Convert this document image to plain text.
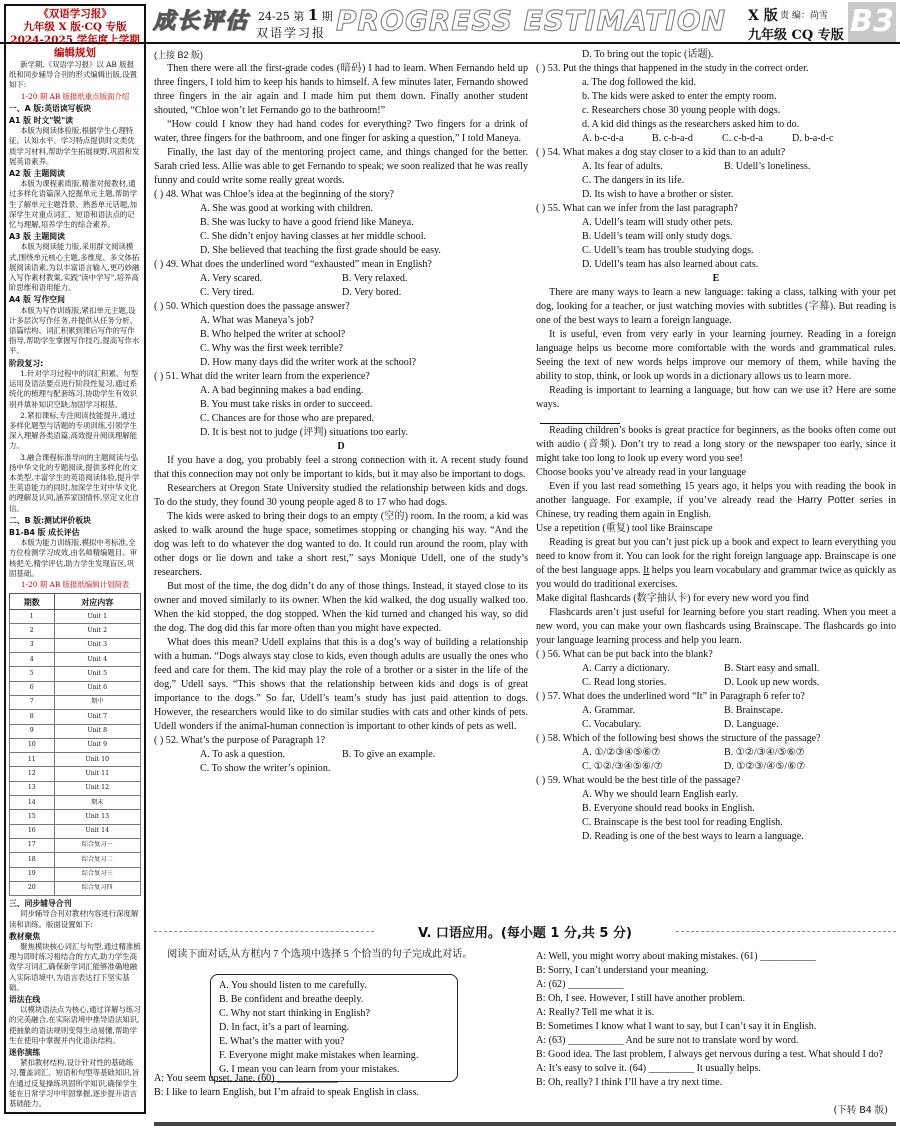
成长评估 24-25 第 1 期
双语学习报 PROGRESS ESTIMATION X 版 责 编：尚雪
九年级 CQ 专版 B3
《双语学习报》
九年级 X 版·CQ 专版
2024-2025 学年度上学期
编辑规划

新学期,《双语学习报》以 AB 版报纸和同步辅导合刊的形式编辑出版,设置如下:

1-20 期 AB 版报纸重点版面介绍
一、A 版:英语读写板块
A1 版 时文"锐"读

本版为阅读体验版,根据学生心理特征、认知水平、学习特点提供时文类优质学习材料,帮助学生拓展视野,巩固和发展英语素养。

A2 版 主题阅读

本版为课程素质版,精准对接教材,通过多样化语篇深入挖掘单元主题,帮助学生了解单元主题背景、熟悉单元话题,加深学生对重点词汇、短语和语法点的记忆与理解,培养学生的综合素养。

A3 版 主题阅读

本版为阅读能力版,采用群文阅读模式,围绕单元核心主题,多维度、多文体拓展阅读语素,为以丰富语言输入,更巧妙融入写作素材教案,实践"读中学写",培养高阶思维和语用能力。

A4 版 写作空间

本版为写作训练版,紧扣单元主题,设计多层次写作任务,并提供从任务分析、语篇结构、词汇积累到课后写作的写作指导,帮助学生掌握写作技巧,提高写作水平。

阶段复习:

1.针对学习过程中的词汇积累、句型运用及语法要点进行阶段性复习,通过系统化的梳理与配套练习,协助学生有效识别并填补知识空缺,加固学习根基。

2.紧扣课标,专注阅读技能提升,通过多样化题型与话题的专项训练,引领学生深入理解各类语篇,高效提升阅读理解能力。

3.融合课程标准导向的主题阅读与弘扬中华文化的专题阅读,提供多样化的文本类型,丰富学生的英语阅读体验,提升学生英语能力的同时,加深学生对中华文化的理解及认同,涵养家国情怀,坚定文化自信。

二、B 版:测试评价板块
B1-B4 版 成长评估

本版为能力训练版,模拟中考标准,全方位检测学习成效,由名师精编题目、审核把关,精学评估,助力学生发现盲区,巩固基础。

1-20 期 AB 版报纸编辑计划简表
期数	对应内容
1	Unit 1
2	Unit 2
3	Unit 3
4	Unit 4
5	Unit 5
6	Unit 6
7	期中
8	Unit 7
9	Unit 8
10	Unit 9
11	Unit 10
12	Unit 11
13	Unit 12
14	期末
15	Unit 13
16	Unit 14
17	综合复习一
18	综合复习二
19	综合复习三
20	综合复习四
三、同步辅导合刊

同步辅导合刊对教材内容进行深度解读和训练。版面设置如下:

教材聚焦

聚焦模块核心词汇与句型,通过精准梳理与即时练习相结合的方式,助力学生高效学习词汇,确保新学词汇能够准确地融入实际语境中,为语言表达打下坚实基础。

语法在线

以模块语法点为核心,通过详解与练习的完美融合,在实际语境中推导语法知识,使抽象的语法规则变得生动易懂,帮助学生在使用中掌握并内化语法结构。

迷你演练

紧扣教材结构,设计针对性的基础练习,覆盖词汇、短语和句型等基础知识,旨在通过反复操练巩固所学知识,确保学生能在日常学习中牢固掌握,逐步提升语言基础能力。

(上接 B2 版)

Then there were all the first-grade codes (暗码) I had to learn. When Fernando held up three fingers, I told him to keep his hands to himself. A few minutes later, Fernando showed three fingers in the air again and I made him put them down. Finally another student shouted, “Chloe won’t let Fernando go to the bathroom!”

“How could I know they had hand codes for everything? Two fingers for a drink of water, three fingers for the bathroom, and one finger for asking a question,” I told Maneya.

Finally, the last day of the mentoring project came, and things changed for the better. Sarah cried less. Allie was able to get Fernando to speak; we soon realized that he was really funny and could write some really great words.

( ) 48. What was Chloe’s idea at the beginning of the story?

A. She was good at working with children.
B. She was lucky to have a good friend like Maneya.
C. She didn’t enjoy having classes at her middle school.
D. She believed that teaching the first grade should be easy.

( ) 49. What does the underlined word “exhausted” mean in English?

A. Very scared.	B. Very relaxed.
C. Very tired.	D. Very bored.

( ) 50. Which question does the passage answer?

A. What was Maneya’s job?
B. Who helped the writer at school?
C. Why was the first week terrible?
D. How many days did the writer work at the school?

( ) 51. What did the writer learn from the experience?

A. A bad beginning makes a bad ending.
B. You must take risks in order to succeed.
C. Chances are for those who are prepared.
D. It is best not to judge (评判) situations too early.
D

If you have a dog, you probably feel a strong connection with it. A recent study found that this connection may not only be important to kids, but it may also be important to dogs.

Researchers at Oregon State University studied the relationship between kids and dogs. To do the study, they found 30 young people aged 8 to 17 who had dogs.

The kids were asked to bring their dogs to an empty (空的) room. In the room, a kid was asked to walk around the huge space, sometimes stopping or changing his way. “And the dog was left to do whatever the dog wanted to do. It could run around the room, play with other dogs or lie down and take a short rest,” says Monique Udell, one of the study’s researchers.

But most of the time, the dog didn’t do any of those things. Instead, it stayed close to its owner and moved similarly to its owner. When the kid walked, the dog usually walked too. When the kid stopped, the dog stopped. When the kid turned and changed his way, so did the dog. The dog did this far more often than you might have expected.

What does this mean? Udell explains that this is a dog’s way of building a relationship with a human. “Dogs always stay close to kids, even though adults are usually the ones who feed and care for them. The kid may play the role of a brother or a sister in the life of the dog,” Udell says. “This shows that the relationship between kids and dogs is of great importance to the dogs.” So far, Udell’s team’s study has just paid attention to dogs. However, the researchers would like to do similar studies with cats and other kinds of pets. Udell wonders if the animal-human connection is important to other kinds of pets as well.

( ) 52. What’s the purpose of Paragraph 1?

A. To ask a question.	B. To give an example.
C. To show the writer’s opinion.
D. To bring out the topic (话题).

( ) 53. Put the things that happened in the study in the correct order.

a. The dog followed the kid.
b. The kids were asked to enter the empty room.
c. Researchers chose 30 young people with dogs.
d. A kid did things as the researchers asked him to do.
A. b-c-d-a	B. c-b-a-d	C. c-b-d-a	D. b-a-d-c

( ) 54. What makes a dog stay closer to a kid than to an adult?

A. Its fear of adults.	B. Udell’s loneliness.
C. The dangers in its life.
D. Its wish to have a brother or sister.

( ) 55. What can we infer from the last paragraph?

A. Udell’s team will study other pets.
B. Udell’s team will only study dogs.
C. Udell’s team has trouble studying dogs.
D. Udell’s team has also learned about cats.
E

There are many ways to learn a new language: taking a class, talking with your pet dog, looking for a teacher, or just watching movies with subtitles (字幕). But reading is one of the best ways to learn a foreign language.

It is useful, even from very early in your learning journey. Reading in a foreign language helps us become more comfortable with the words and grammatical rules. Seeing the text of new words helps improve our memory of them, while having the ability to stop, think, or look up words in a dictionary allows us to learn more.

Reading is important to learning a language, but how can we use it? Here are some ways.

Reading children’s books is great practice for beginners, as the books often come out with audio (音频). Don’t try to read a long story or the newspaper too early, since it might take too long to look up every word you see!

Choose books you’ve already read in your language

Even if you last read something 15 years ago, it helps you with reading the book in another language. For example, if you’ve already read the Harry Potter series in Chinese, try reading them again in English.

Use a repetition (重复) tool like Brainscape

Reading is great but you can’t just pick up a book and expect to learn everything you need to know from it. You can look for the right foreign language app. Brainscape is one of the best language apps. It helps you learn vocabulary and grammar twice as quickly as you would do traditional exercises.

Make digital flashcards (数字抽认卡) for every new word you find

Flashcards aren’t just useful for learning before you start reading. When you meet a new word, you can make your own flashcards using Brainscape. The flashcards go into your language learning process and help you learn.

( ) 56. What can be put back into the blank?

A. Carry a dictionary.	B. Start easy and small.
C. Read long stories.	D. Look up new words.

( ) 57. What does the underlined word “It” in Paragraph 6 refer to?

A. Grammar.	B. Brainscape.
C. Vocabulary.	D. Language.

( ) 58. Which of the following best shows the structure of the passage?

A. ①/②③④⑤⑥⑦	B. ①②/③④/⑤⑥⑦
C. ①②/③④⑤⑥/⑦	D. ①②③/④⑤/⑥⑦

( ) 59. What would be the best title of the passage?

A. Why we should learn English early.
B. Everyone should read books in English.
C. Brainscape is the best tool for reading English.
D. Reading is one of the best ways to learn a language.
V. 口语应用。(每小题 1 分,共 5 分)

阅读下面对话,从方框内 7 个选项中选择 5 个恰当的句子完成此对话。

A: You seem upset, Jane. (60) ____________

B: I like to learn English, but I’m afraid to speak English in class.

A. You should listen to me carefully.
B. Be confident and breathe deeply.
C. Why not start thinking in English?
D. In fact, it’s a part of learning.
E. What’s the matter with you?
F. Everyone might make mistakes when learning.
G. I mean you can learn from your mistakes.

A: Well, you might worry about making mistakes. (61) ___________

B: Sorry, I can’t understand your meaning.

A: (62) ___________

B: Oh, I see. However, I still have another problem.

A: Really? Tell me what it is.

B: Sometimes I know what I want to say, but I can’t say it in English.

A: (63) ___________ And be sure not to translate word by word.

B: Good idea. The last problem, I always get nervous during a test. What should I do?

A: It’s easy to solve it. (64) _________ It usually helps.

B: Oh, really? I think I’ll have a try next time.

(下转 B4 版)
